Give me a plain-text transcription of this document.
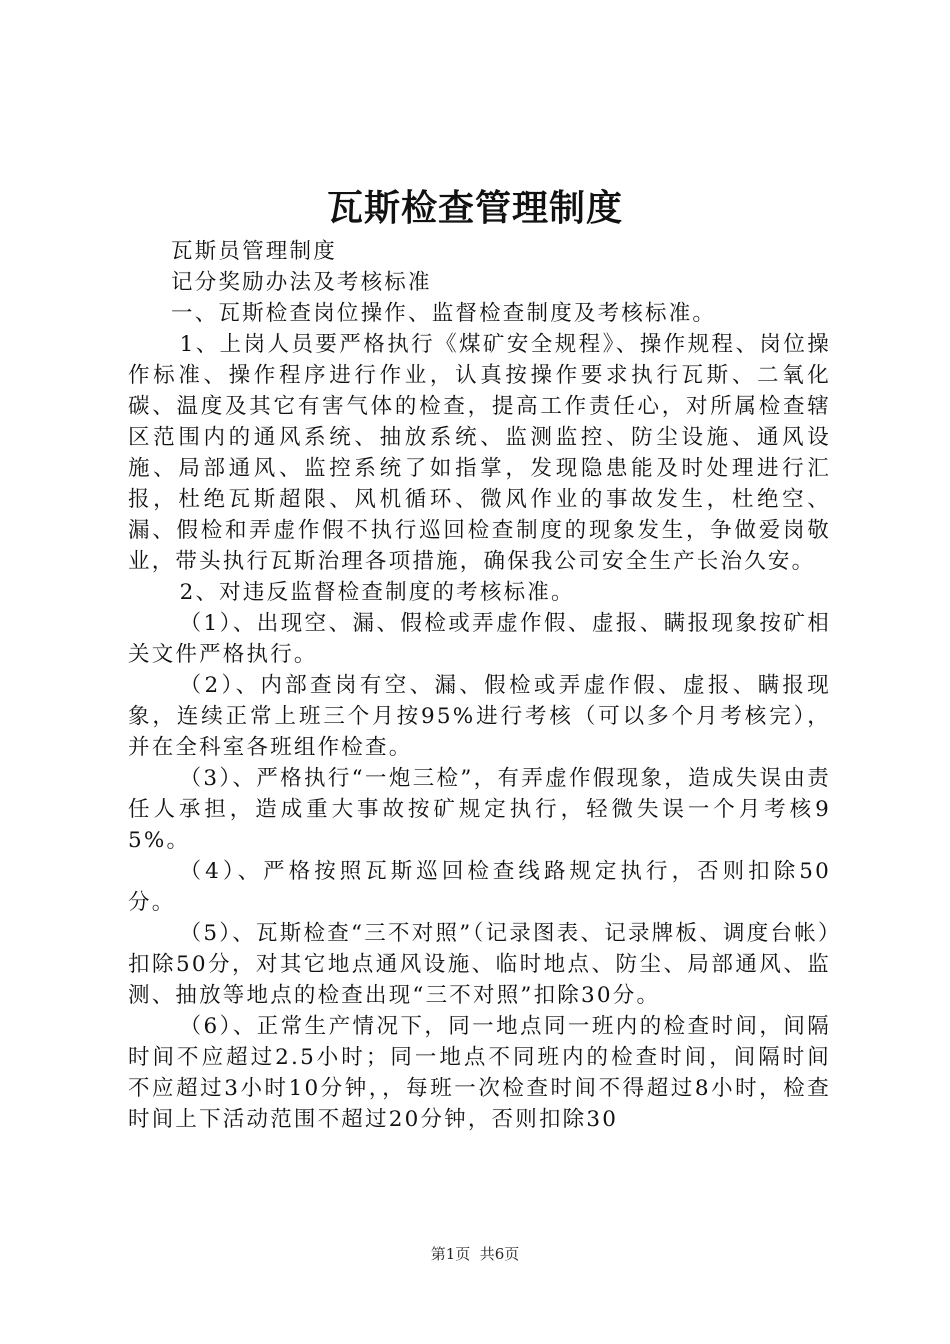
瓦斯检查管理制度

瓦斯员管理制度

记分奖励办法及考核标准

一、瓦斯检查岗位操作、监督检查制度及考核标准。

1、上岗人员要严格执行《煤矿安全规程》、操作规程、岗位操作标准、操作程序进行作业，认真按操作要求执行瓦斯、二氧化碳、温度及其它有害气体的检查，提高工作责任心，对所属检查辖区范围内的通风系统、抽放系统、监测监控、防尘设施、通风设施、局部通风、监控系统了如指掌，发现隐患能及时处理进行汇报，杜绝瓦斯超限、风机循环、微风作业的事故发生，杜绝空、漏、假检和弄虚作假不执行巡回检查制度的现象发生，争做爱岗敬业，带头执行瓦斯治理各项措施，确保我公司安全生产长治久安。

2、对违反监督检查制度的考核标准。

（1）、出现空、漏、假检或弄虚作假、虚报、瞒报现象按矿相关文件严格执行。

（2）、内部查岗有空、漏、假检或弄虚作假、虚报、瞒报现象，连续正常上班三个月按95%进行考核（可以多个月考核完），并在全科室各班组作检查。

（3）、严格执行“一炮三检”，有弄虚作假现象，造成失误由责任人承担，造成重大事故按矿规定执行，轻微失误一个月考核95%。

（4）、严格按照瓦斯巡回检查线路规定执行，否则扣除50分。

（5）、瓦斯检查“三不对照”（记录图表、记录牌板、调度台帐）扣除50分，对其它地点通风设施、临时地点、防尘、局部通风、监测、抽放等地点的检查出现“三不对照”扣除30分。

（6）、正常生产情况下，同一地点同一班内的检查时间，间隔时间不应超过2.5小时；同一地点不同班内的检查时间，间隔时间不应超过3小时10分钟，，每班一次检查时间不得超过8小时，检查时间上下活动范围不超过20分钟，否则扣除30

第1页  共6页
